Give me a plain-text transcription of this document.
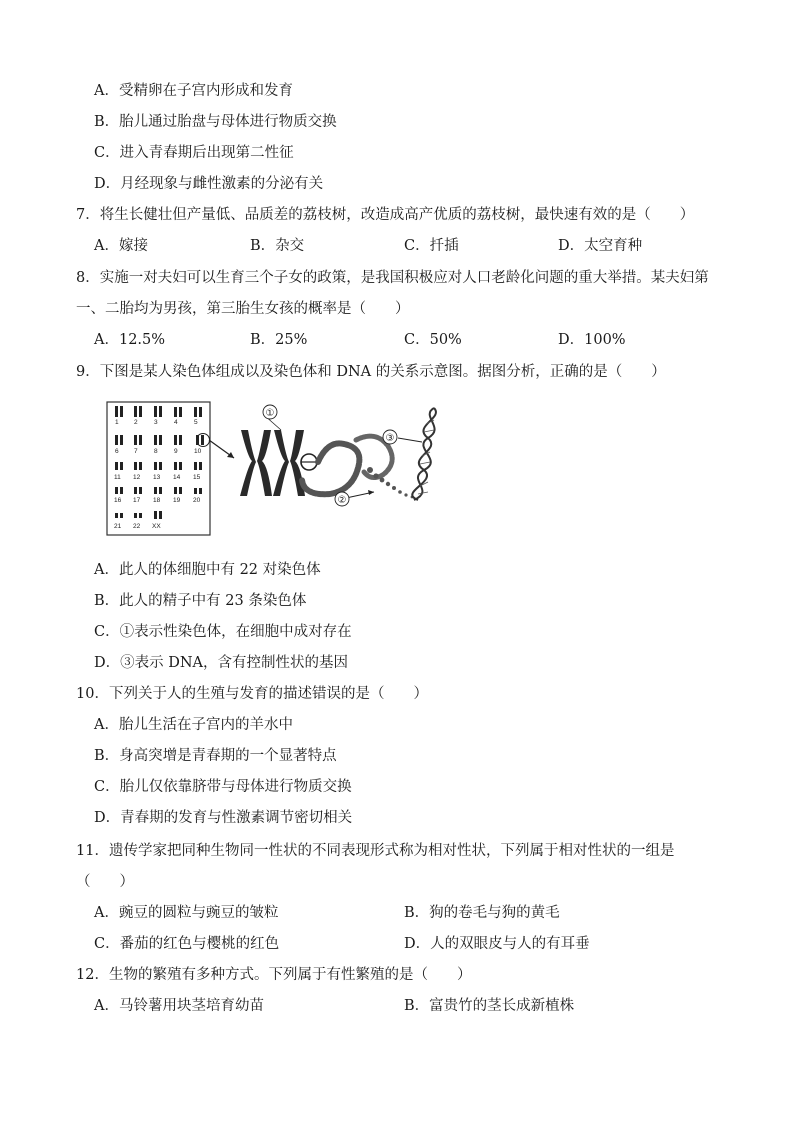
A．受精卵在子宫内形成和发育
B．胎儿通过胎盘与母体进行物质交换
C．进入青春期后出现第二性征
D．月经现象与雌性激素的分泌有关
7．将生长健壮但产量低、品质差的荔枝树，改造成高产优质的荔枝树，最快速有效的是（　　）
A．嫁接	B．杂交	C．扦插	D．太空育种
8．实施一对夫妇可以生育三个子女的政策，是我国积极应对人口老龄化问题的重大举措。某夫妇第
一、二胎均为男孩，第三胎生女孩的概率是（　　）
A．12.5%	B．25%	C．50%	D．100%
9．下图是某人染色体组成以及染色体和 DNA 的关系示意图。据图分析，正确的是（　　）
1 2	3	4	5
6 7	8	9	10
11 12 13 14 15
16 17 18 19 20
21 22 XX
①
②
③
A．此人的体细胞中有 22 对染色体
B．此人的精子中有 23 条染色体
C．①表示性染色体，在细胞中成对存在
D．③表示 DNA，含有控制性状的基因
10．下列关于人的生殖与发育的描述错误的是（　　）
A．胎儿生活在子宫内的羊水中
B．身高突增是青春期的一个显著特点
C．胎儿仅依靠脐带与母体进行物质交换
D．青春期的发育与性激素调节密切相关
11．遗传学家把同种生物同一性状的不同表现形式称为相对性状，下列属于相对性状的一组是
（　　）
A．豌豆的圆粒与豌豆的皱粒	B．狗的卷毛与狗的黄毛
C．番茄的红色与樱桃的红色	D．人的双眼皮与人的有耳垂
12．生物的繁殖有多种方式。下列属于有性繁殖的是（　　）
A．马铃薯用块茎培育幼苗	B．富贵竹的茎长成新植株
